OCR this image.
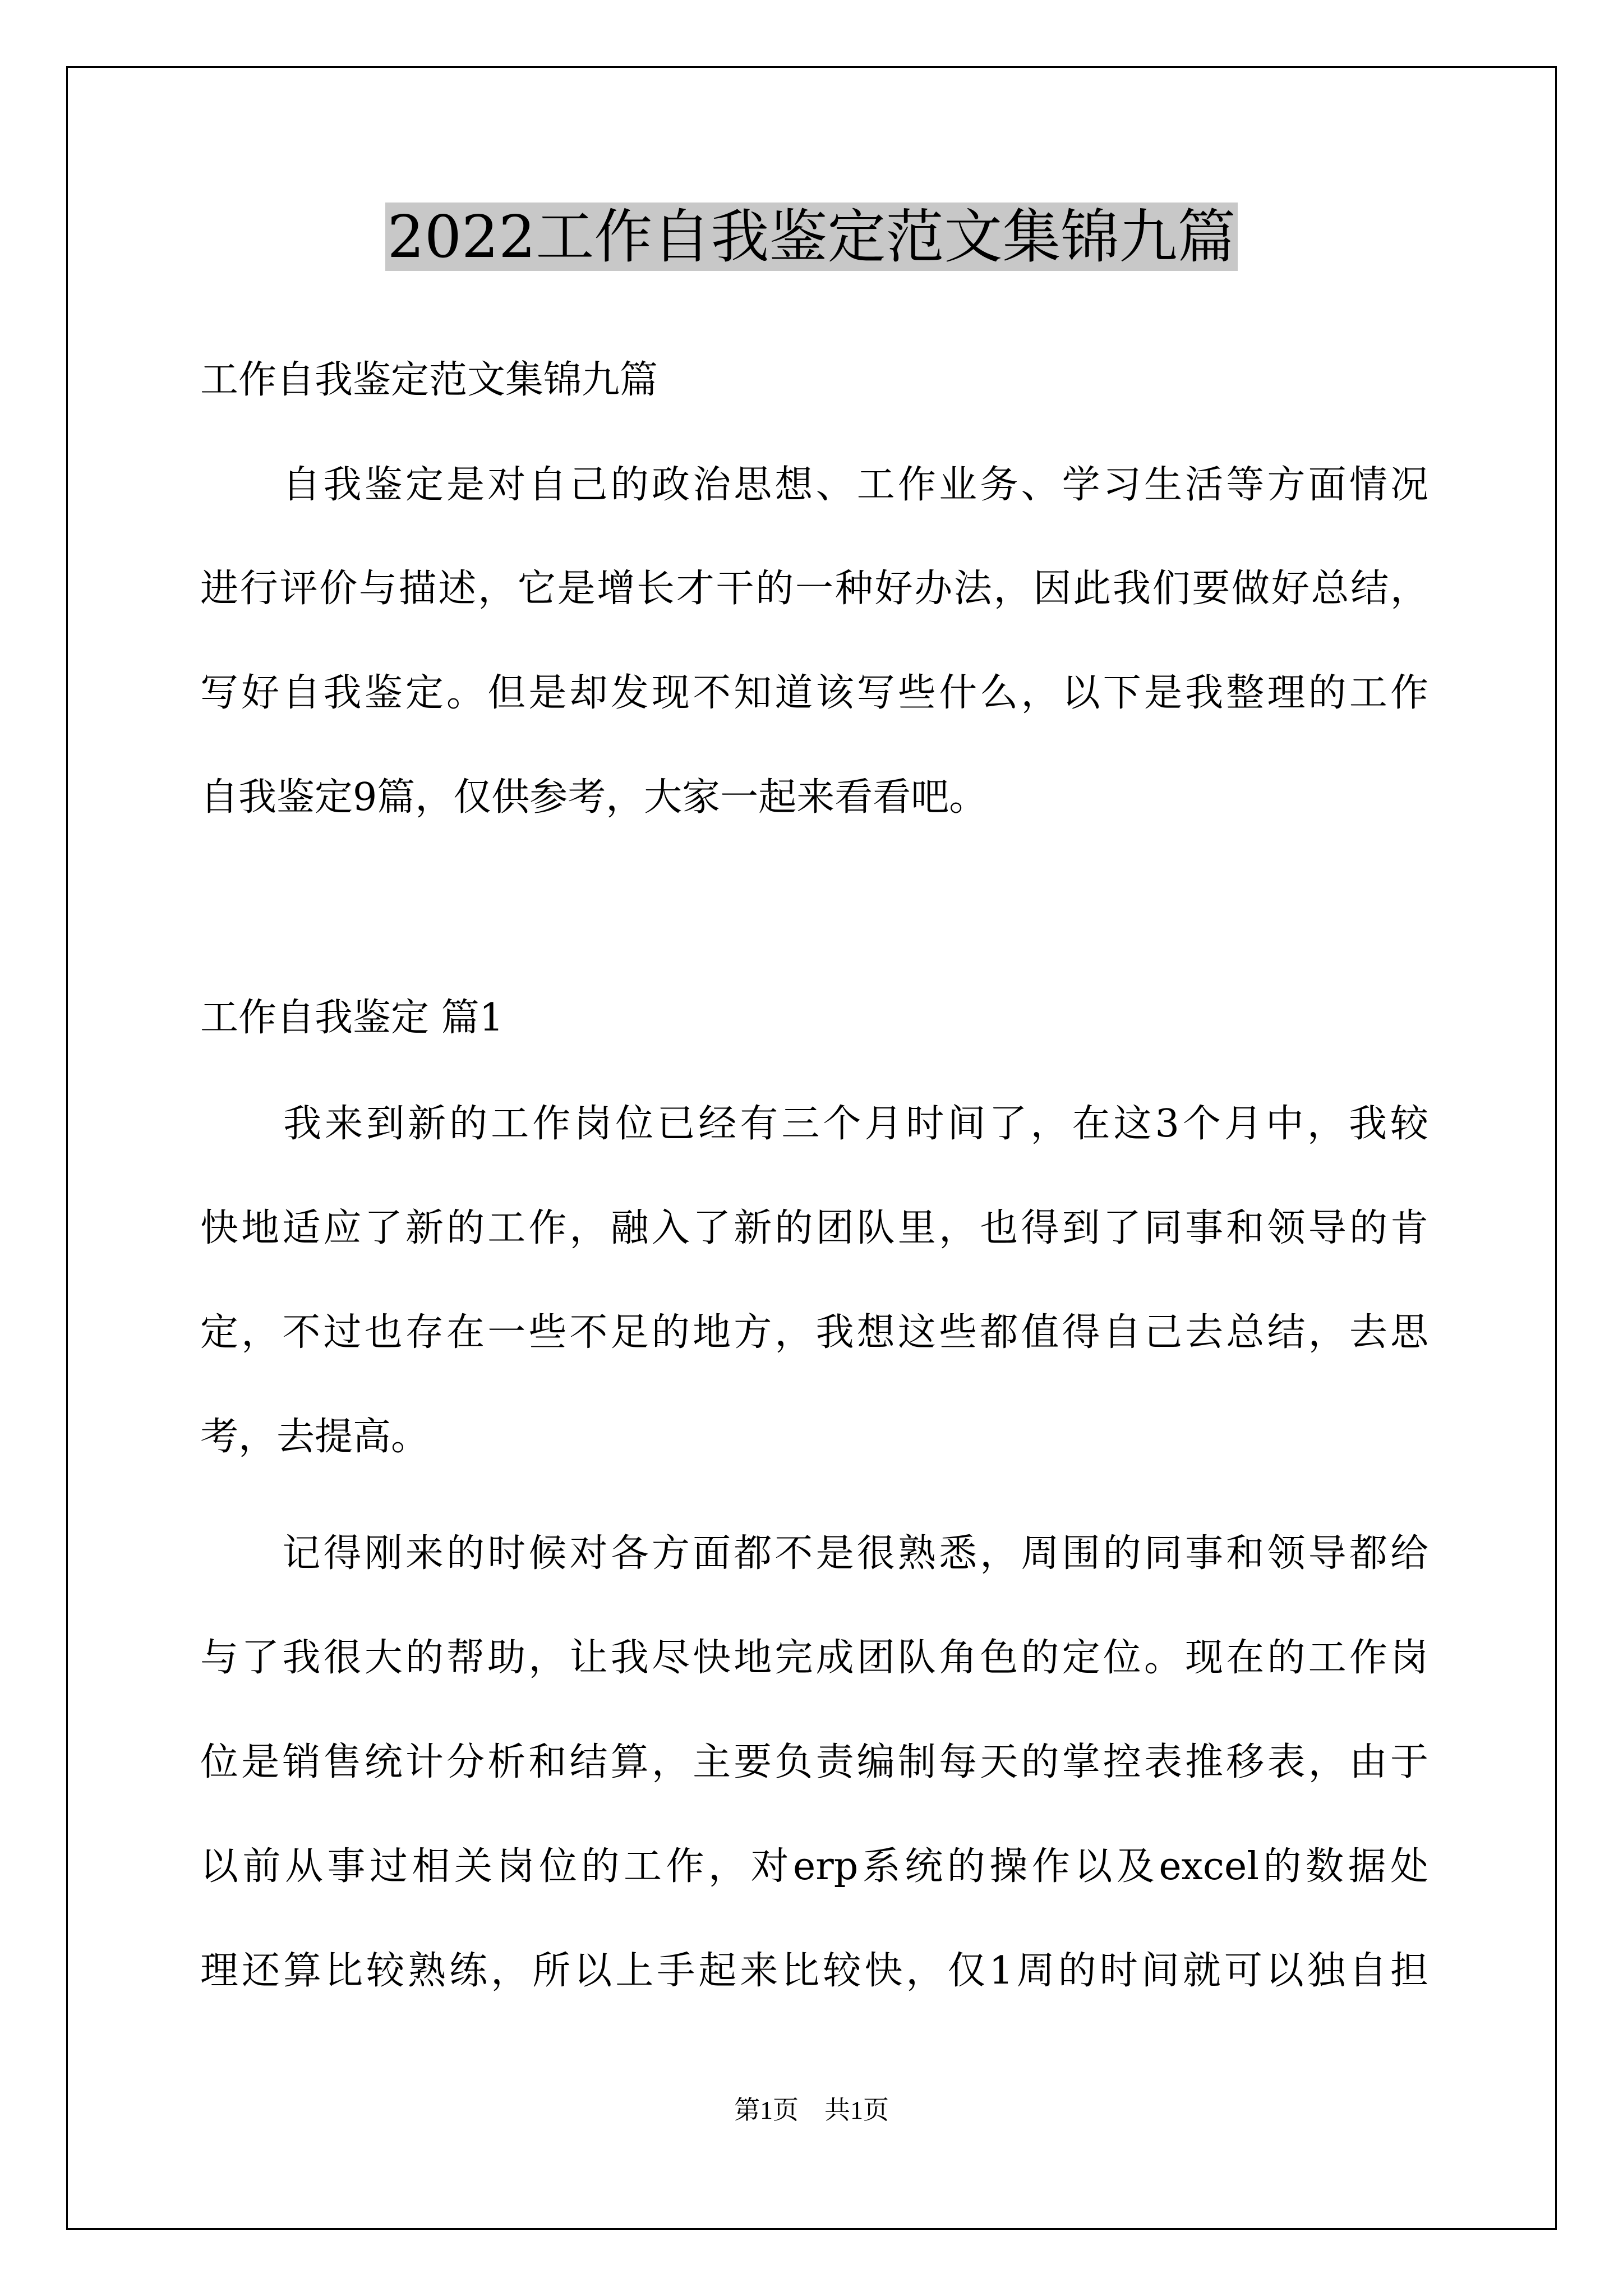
2022工作自我鉴定范文集锦九篇
工作自我鉴定范文集锦九篇
　　自我鉴定是对自己的政治思想、工作业务、学习生活等方面情况
进行评价与描述，它是增长才干的一种好办法，因此我们要做好总结，
写好自我鉴定。但是却发现不知道该写些什么，以下是我整理的工作
自我鉴定9篇，仅供参考，大家一起来看看吧。
工作自我鉴定 篇1
　　我来到新的工作岗位已经有三个月时间了，在这3个月中，我较
快地适应了新的工作，融入了新的团队里，也得到了同事和领导的肯
定，不过也存在一些不足的地方，我想这些都值得自己去总结，去思
考，去提高。
　　记得刚来的时候对各方面都不是很熟悉，周围的同事和领导都给
与了我很大的帮助，让我尽快地完成团队角色的定位。现在的工作岗
位是销售统计分析和结算，主要负责编制每天的掌控表推移表，由于
以前从事过相关岗位的工作，对erp系统的操作以及excel的数据处
理还算比较熟练，所以上手起来比较快，仅1周的时间就可以独自担
第1页　共1页
